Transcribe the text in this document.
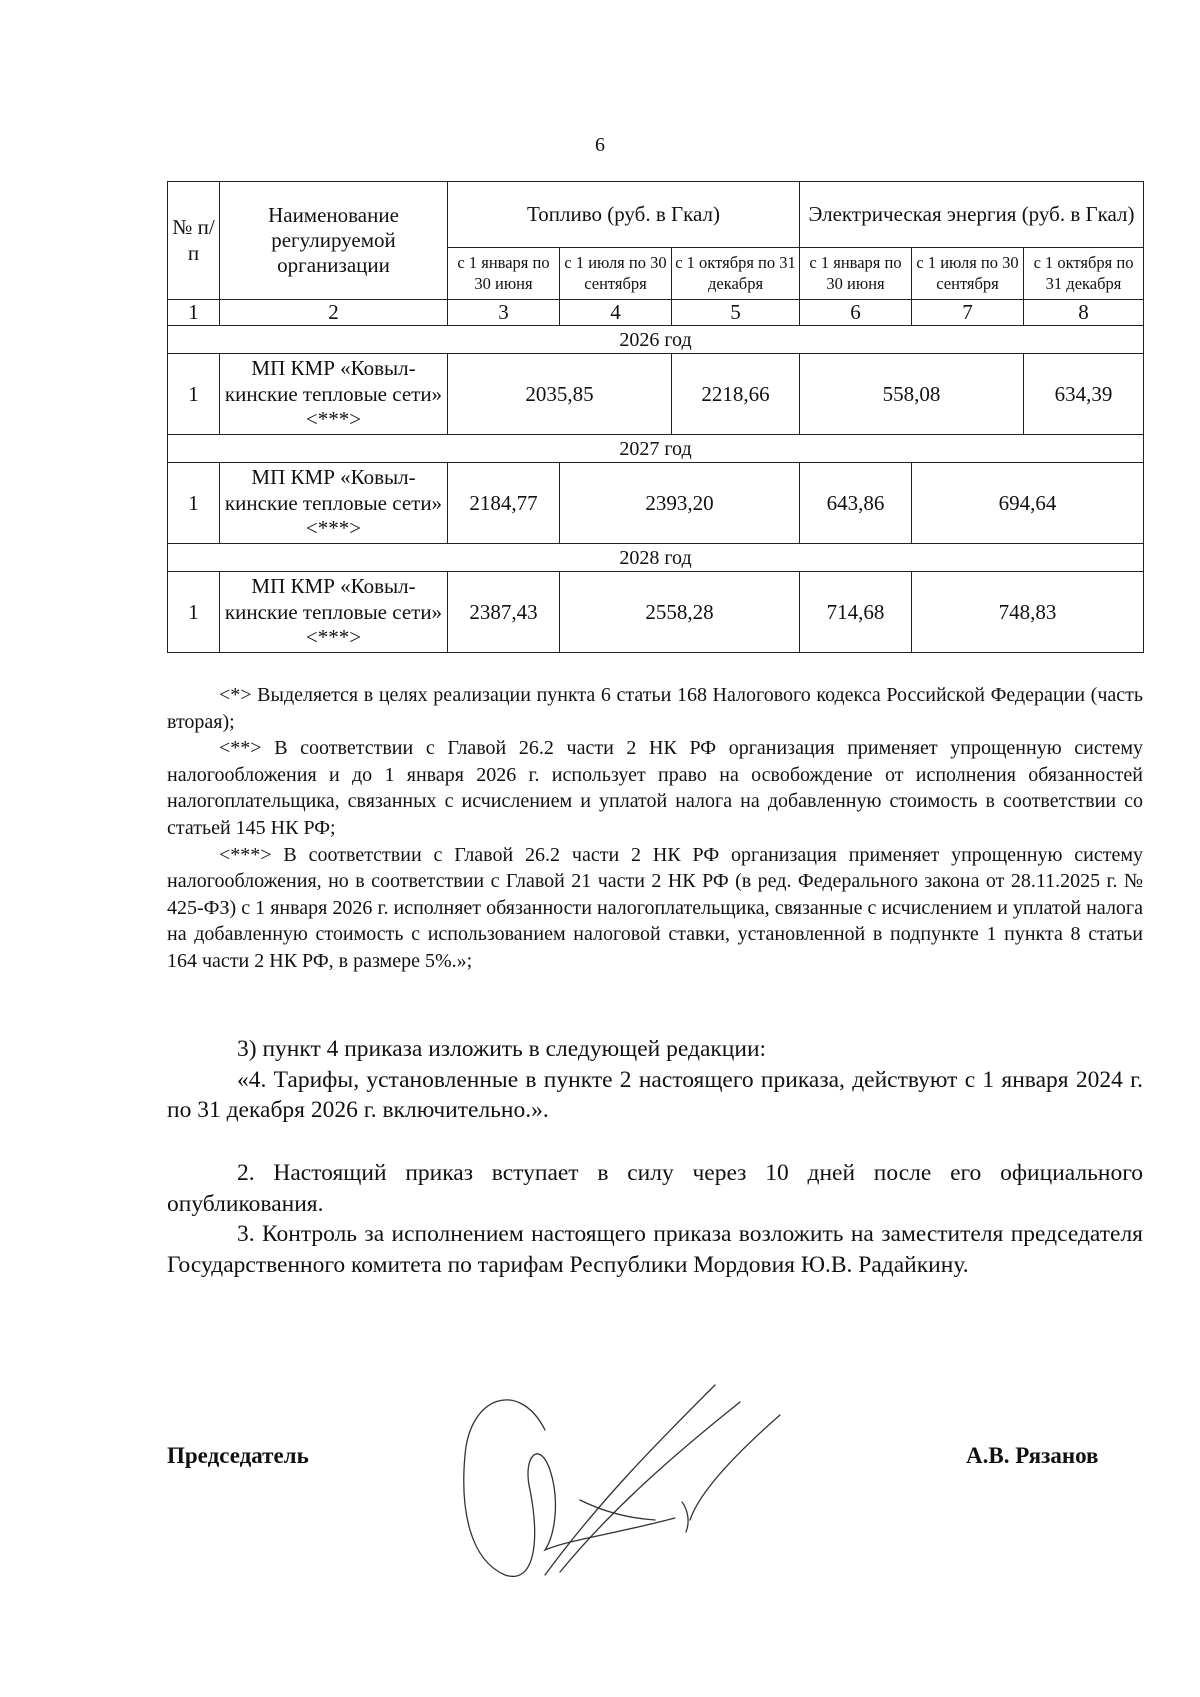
6
№ п/п	Наименование регулируемой организации	Топливо (руб. в Гкал)			Электрическая энергия (руб. в Гкал)		
		с 1 января по 30 июня	с 1 июля по 30 сентября	с 1 октября по 31 декабря	с 1 января по 30 июня	с 1 июля по 30 сентября	с 1 октября по 31 декабря
1	2	3	4	5	6	7	8
2026 год							
1	МП КМР «Ковыл-кинские тепловые сети» <***>	2035,85		2218,66	558,08		634,39
2027 год							
1	МП КМР «Ковыл-кинские тепловые сети» <***>	2184,77	2393,20		643,86	694,64	
2028 год							
1	МП КМР «Ковыл-кинские тепловые сети» <***>	2387,43	2558,28		714,68	748,83	

<*> Выделяется в целях реализации пункта 6 статьи 168 Налогового кодекса Российской Федерации (часть вторая);

<**> В соответствии с Главой 26.2 части 2 НК РФ организация применяет упрощенную систему налогообложения и до 1 января 2026 г. использует право на освобождение от исполнения обязанностей налогоплательщика, связанных с исчислением и уплатой налога на добавленную стоимость в соответствии со статьей 145 НК РФ;

<***> В соответствии с Главой 26.2 части 2 НК РФ организация применяет упрощенную систему налогообложения, но в соответствии с Главой 21 части 2 НК РФ (в ред. Федерального закона от 28.11.2025 г. № 425-ФЗ) с 1 января 2026 г. исполняет обязанности налогоплательщика, связанные с исчислением и уплатой налога на добавленную стоимость с использованием налоговой ставки, установленной в подпункте 1 пункта 8 статьи 164 части 2 НК РФ, в размере 5%.»;

3) пункт 4 приказа изложить в следующей редакции:

«4. Тарифы, установленные в пункте 2 настоящего приказа, действуют с 1 января 2024 г. по 31 декабря 2026 г. включительно.».

2. Настоящий приказ вступает в силу через 10 дней после его официального опубликования.

3. Контроль за исполнением настоящего приказа возложить на заместителя председателя Государственного комитета по тарифам Республики Мордовия Ю.В. Радайкину.

Председатель	А.В. Рязанов
